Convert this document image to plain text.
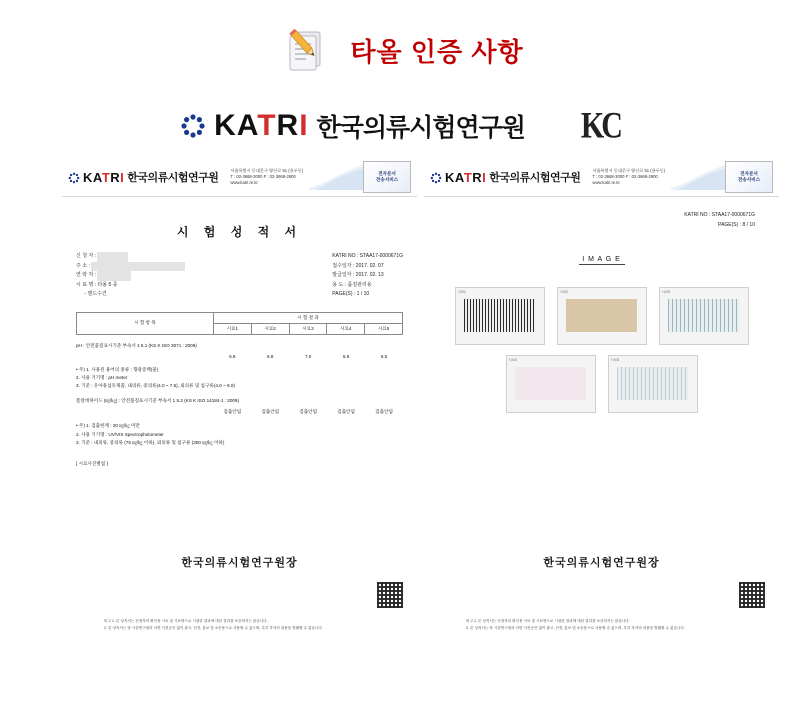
타올 인증 사항
KATRI 한국의류시험연구원 KC
KATRI 한국의류시험연구원
서울특별시 동대문구 왕산로 51 (용두동)
T : 02-3668-3000 F : 02-3668-2900
www.katri.re.kr
전자문서
전송서비스
시 험 성 적 서
신 청 자 :
주 소 :
연 락 처 :
시 료 명 : 타올 5 종
- 핸드수건
KATRI NO : STAA17-0000671G
접수일자 : 2017. 02. 07
발급일자 : 2017. 02. 13
용 도 : 품질관리용
PAGE(S) : 1 / 10
시 험 항 목	시 험 결 과				
	시료1	시료2	시료3	시료4	시료5
pH : 안전품질표시기준 부속서 1 5.1 (KS K ISO 3071 : 2009)
	6.9	6.8	7.0	6.8	6.5
• 주) 1. 사용된 용어의 종류 : 형광증백(물)
2. 사용 기기명 : pH meter
3. 기준 : 유아용섬유제품, 내의류, 중의류(4.0 ~ 7.5), 외의류 및 침구류(4.0 ~ 9.0)
폼알데하이드 (㎎/㎏) : 안전품질표시기준 부속서 1 5.2 (KS K ISO 14184-1 : 2009)
	검출안됨	검출안됨	검출안됨	검출안됨	검출안됨
• 주) 1. 검출한계 : 20 ㎎/㎏ 미만
2. 사용 기기명 : UV/VIS Spectrophotometer
3. 기준 : 내의류, 중의류 (75 ㎎/㎏ 이하), 외의류 및 침구류 (300 ㎎/㎏ 이하)
[ 시료사진별첨 ]
한국의류시험연구원장
비고 1. 본 성적서는 신청자의 확인용 시료 및 시료명으로 시험한 결과에 대한 결과를 보증하지는 않습니다.
2. 본 성적서는 당 시험연구원의 서면 사전승인 없이 광고, 선전, 홍보 및 소송용으로 사용할 수 없으며, 특히 각각의 내용을 발췌할 수 없습니다.
KATRI 한국의류시험연구원
서울특별시 동대문구 왕산로 51 (용두동)
T : 02-3668-3000 F : 02-3668-2900
www.katri.re.kr
전자문서
전송서비스
KATRI NO : STAA17-0000671G
PAGE(S) : 8 / 10
I M A G E
시료1	시료2	시료3
시료4	시료5
한국의류시험연구원장
비고 1. 본 성적서는 신청자의 확인용 시료 및 시료명으로 시험한 결과에 대한 결과를 보증하지는 않습니다.
2. 본 성적서는 당 시험연구원의 서면 사전승인 없이 광고, 선전, 홍보 및 소송용으로 사용할 수 없으며, 특히 각각의 내용을 발췌할 수 없습니다.
